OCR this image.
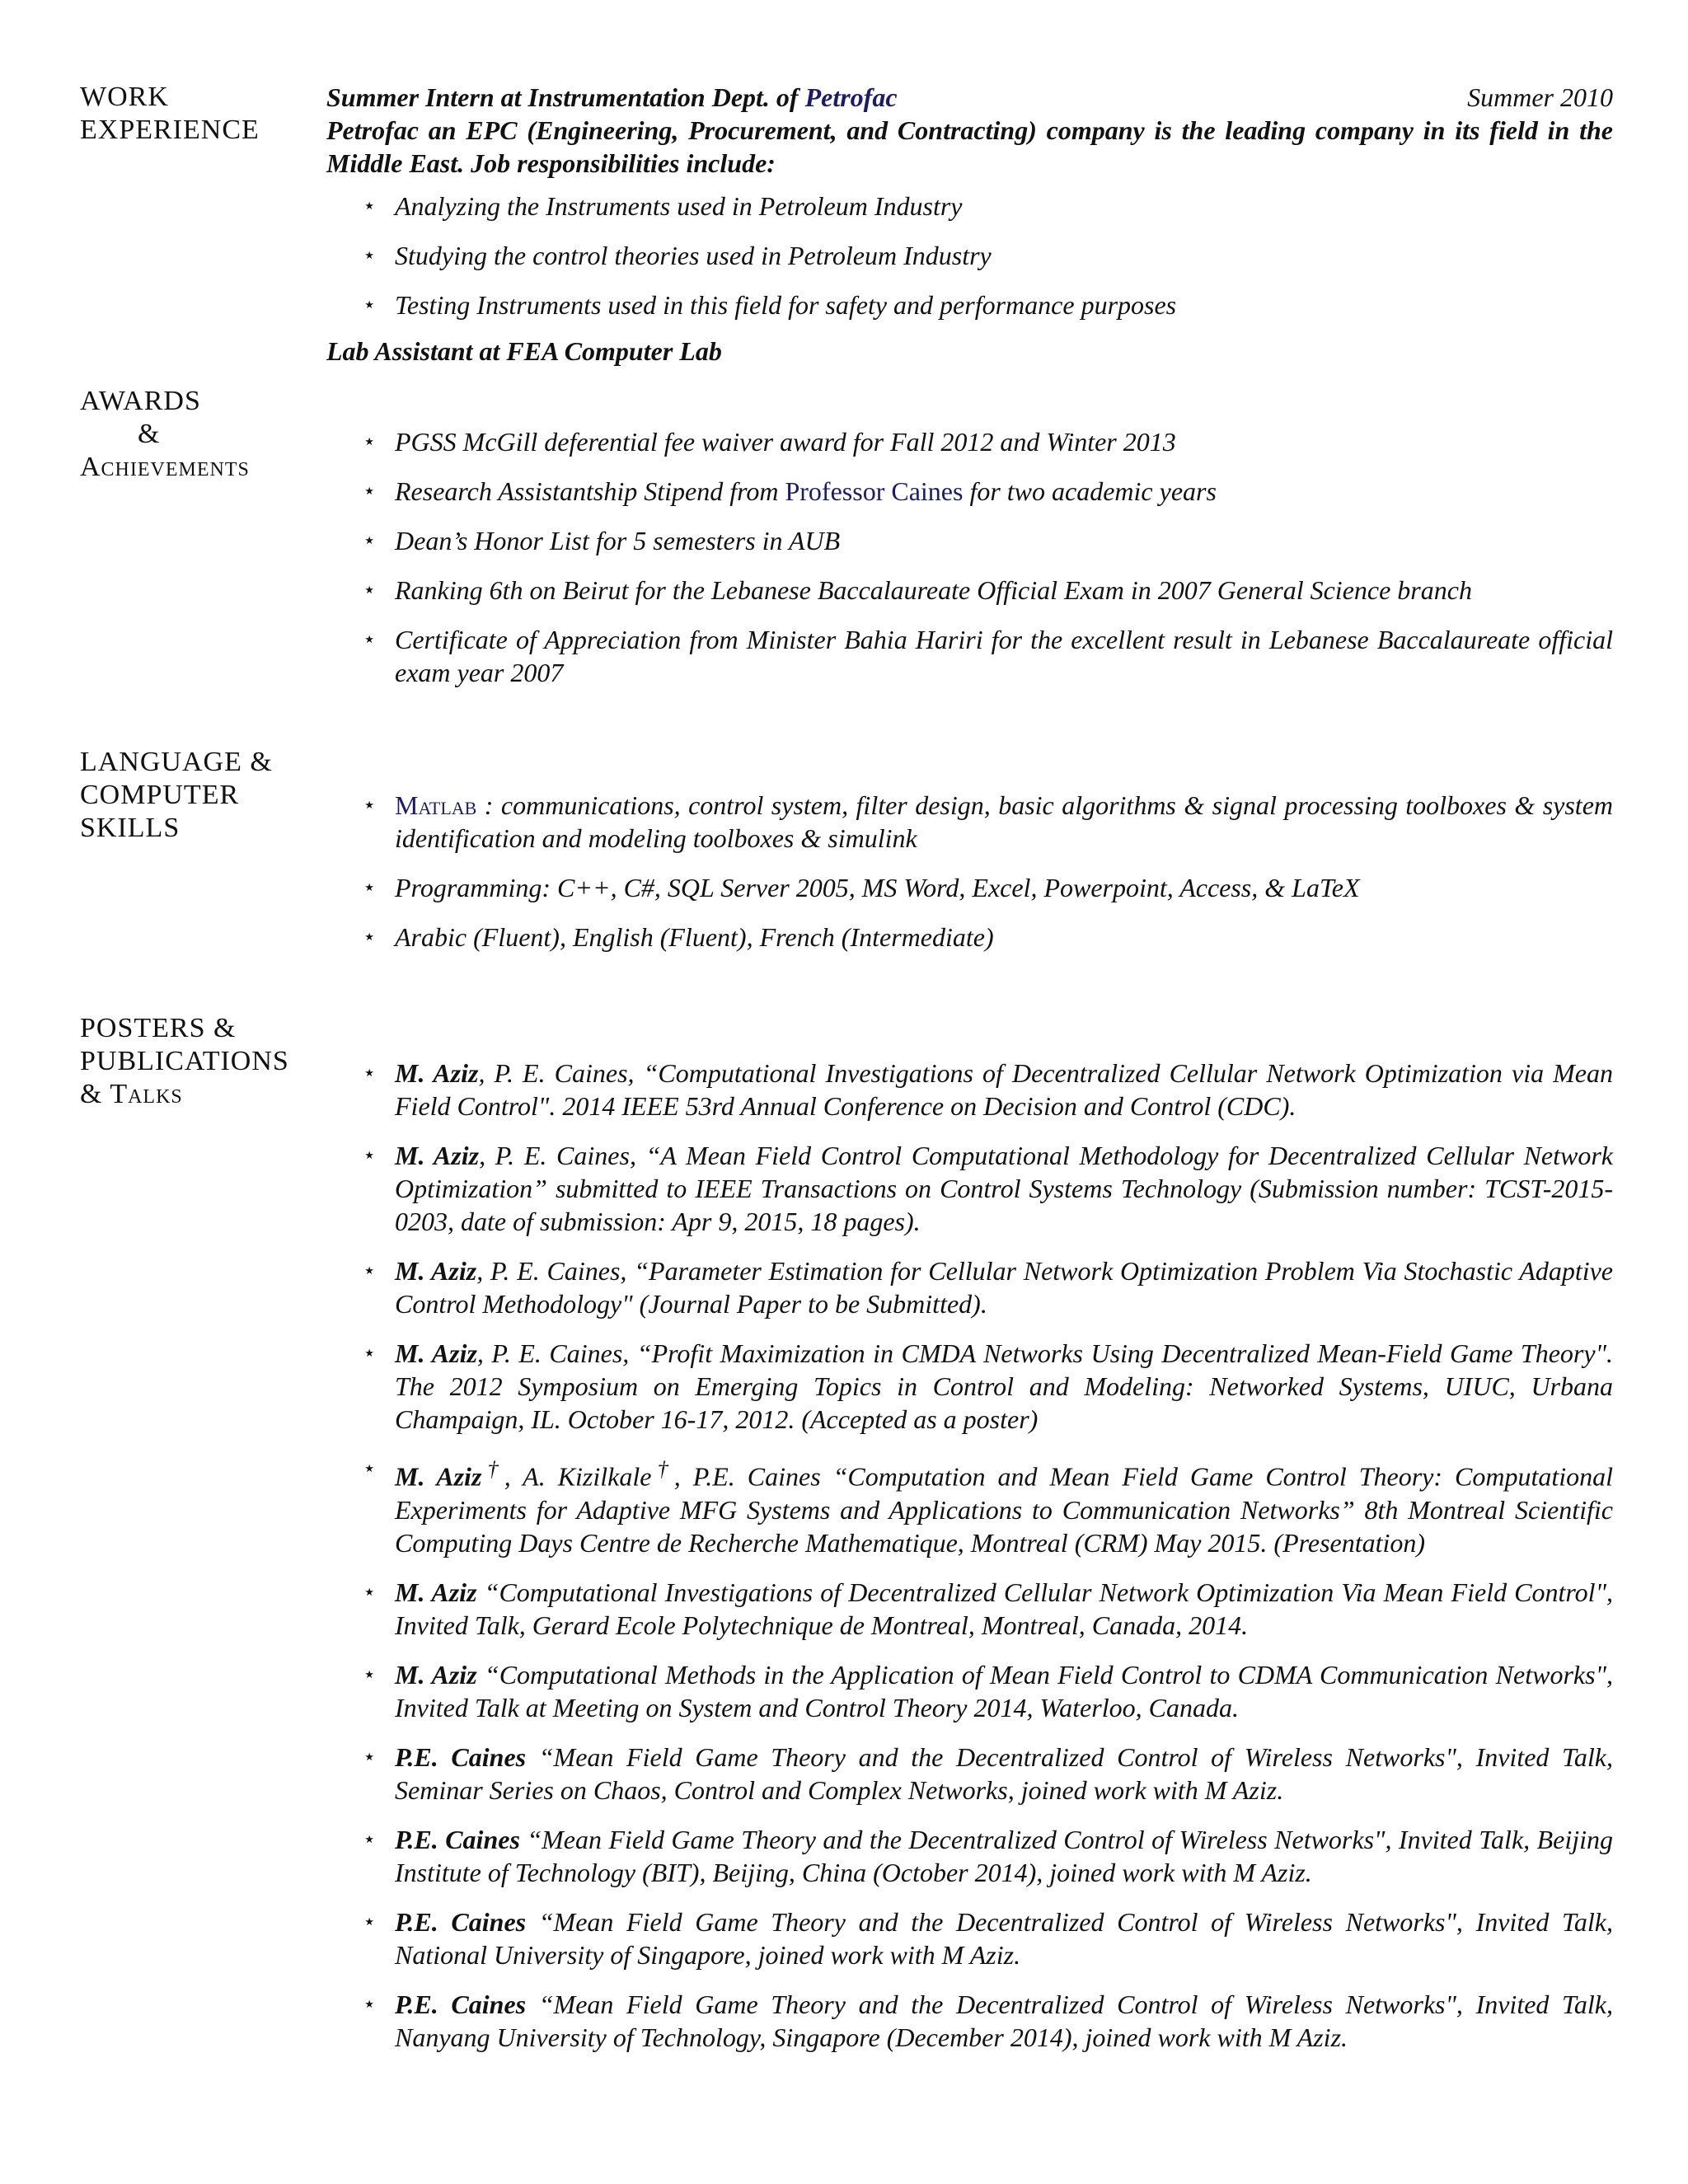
WORK
EXPERIENCE
Summer Intern at Instrumentation Dept. of Petrofac	Summer 2010
Petrofac an EPC (Engineering, Procurement, and Contracting) company is the leading company in its field in the Middle East. Job responsibilities include:
⋆ Analyzing the Instruments used in Petroleum Industry
⋆ Studying the control theories used in Petroleum Industry
⋆ Testing Instruments used in this field for safety and performance purposes
Lab Assistant at FEA Computer Lab
AWARDS
&
Achievements
⋆ PGSS McGill deferential fee waiver award for Fall 2012 and Winter 2013
⋆ Research Assistantship Stipend from Professor Caines for two academic years
⋆ Dean’s Honor List for 5 semesters in AUB
⋆ Ranking 6th on Beirut for the Lebanese Baccalaureate Official Exam in 2007 General Science branch
⋆ Certificate of Appreciation from Minister Bahia Hariri for the excellent result in Lebanese Baccalaureate official exam year 2007
LANGUAGE &
COMPUTER
SKILLS
⋆ Matlab : communications, control system, filter design, basic algorithms & signal processing toolboxes & system identification and modeling toolboxes & simulink
⋆ Programming: C++, C#, SQL Server 2005, MS Word, Excel, Powerpoint, Access, & LaTeX
⋆ Arabic (Fluent), English (Fluent), French (Intermediate)
POSTERS &
PUBLICATIONS
& Talks
⋆ M. Aziz, P. E. Caines, “Computational Investigations of Decentralized Cellular Network Optimization via Mean Field Control". 2014 IEEE 53rd Annual Conference on Decision and Control (CDC).
⋆ M. Aziz, P. E. Caines, “A Mean Field Control Computational Methodology for Decentralized Cellular Network Optimization” submitted to IEEE Transactions on Control Systems Technology (Submission number: TCST-2015-0203, date of submission: Apr 9, 2015, 18 pages).
⋆ M. Aziz, P. E. Caines, “Parameter Estimation for Cellular Network Optimization Problem Via Stochastic Adaptive Control Methodology" (Journal Paper to be Submitted).
⋆ M. Aziz, P. E. Caines, “Profit Maximization in CMDA Networks Using Decentralized Mean-Field Game Theory". The 2012 Symposium on Emerging Topics in Control and Modeling: Networked Systems, UIUC, Urbana Champaign, IL. October 16-17, 2012. (Accepted as a poster)
⋆ M. Aziz†, A. Kizilkale†, P.E. Caines “Computation and Mean Field Game Control Theory: Computational Experiments for Adaptive MFG Systems and Applications to Communication Networks” 8th Montreal Scientific Computing Days Centre de Recherche Mathematique, Montreal (CRM) May 2015. (Presentation)
⋆ M. Aziz “Computational Investigations of Decentralized Cellular Network Optimization Via Mean Field Control", Invited Talk, Gerard Ecole Polytechnique de Montreal, Montreal, Canada, 2014.
⋆ M. Aziz “Computational Methods in the Application of Mean Field Control to CDMA Communication Networks", Invited Talk at Meeting on System and Control Theory 2014, Waterloo, Canada.
⋆ P.E. Caines “Mean Field Game Theory and the Decentralized Control of Wireless Networks", Invited Talk, Seminar Series on Chaos, Control and Complex Networks, joined work with M Aziz.
⋆ P.E. Caines “Mean Field Game Theory and the Decentralized Control of Wireless Networks", Invited Talk, Beijing Institute of Technology (BIT), Beijing, China (October 2014), joined work with M Aziz.
⋆ P.E. Caines “Mean Field Game Theory and the Decentralized Control of Wireless Networks", Invited Talk, National University of Singapore, joined work with M Aziz.
⋆ P.E. Caines “Mean Field Game Theory and the Decentralized Control of Wireless Networks", Invited Talk, Nanyang University of Technology, Singapore (December 2014), joined work with M Aziz.
